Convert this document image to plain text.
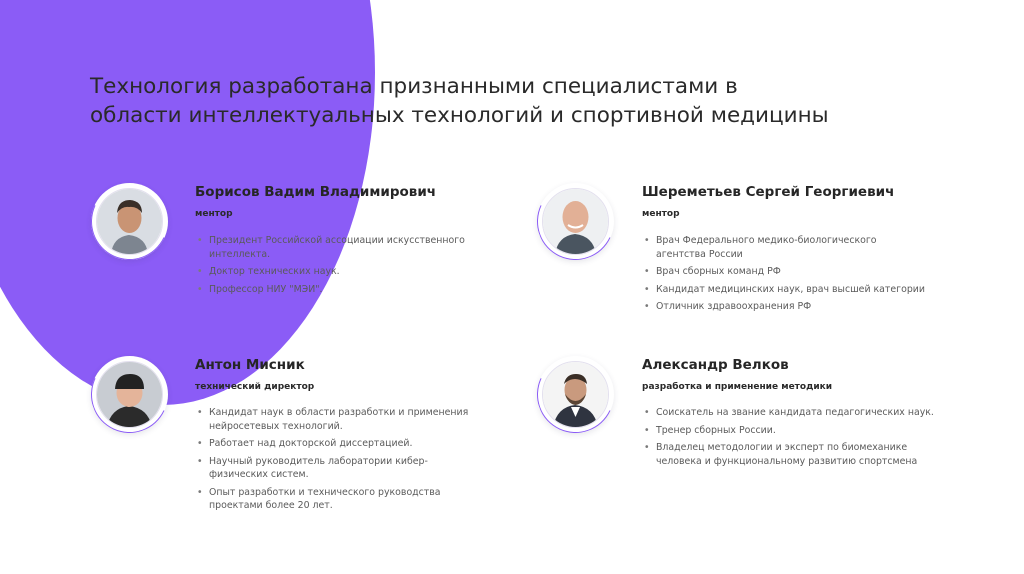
Технология разработана признанными специалистами в
области интеллектуальных технологий и спортивной медицины
Борисов Вадим Владимирович
ментор
• Президент Российской ассоциации искусственного интеллекта.
• Доктор технических наук.
• Профессор НИУ "МЭИ".
Шереметьев Сергей Георгиевич
ментор
• Врач Федерального медико-биологического агентства России
• Врач сборных команд РФ
• Кандидат медицинских наук, врач высшей категории
• Отличник здравоохранения РФ
Антон Мисник
технический директор
• Кандидат наук в области разработки и применения нейросетевых технологий.
• Работает над докторской диссертацией.
• Научный руководитель лаборатории кибер-физических систем.
• Опыт разработки и технического руководства проектами более 20 лет.
Александр Велков
разработка и применение методики
• Соискатель на звание кандидата педагогических наук.
• Тренер сборных России.
• Владелец методологии и эксперт по биомеханике человека и функциональному развитию спортсмена
